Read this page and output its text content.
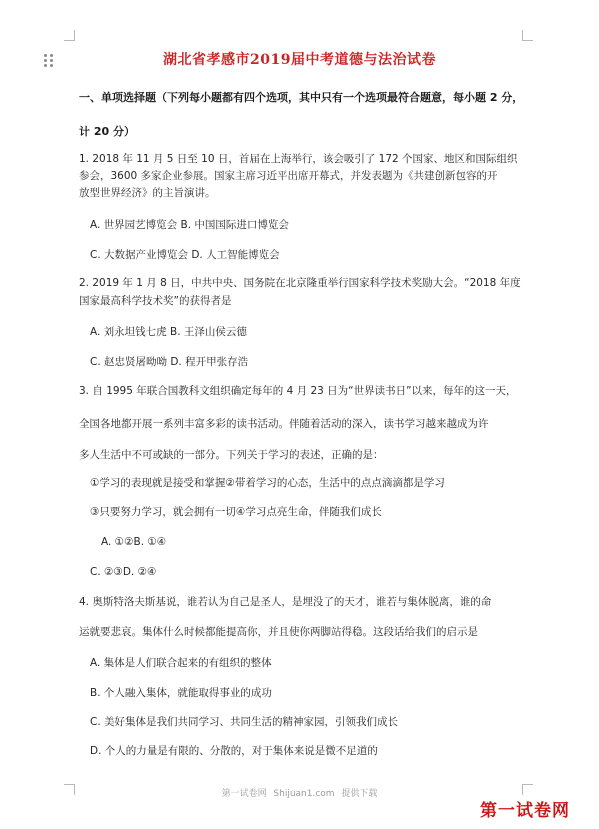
湖北省孝感市2019届中考道德与法治试卷
一、单项选择题（下列每小题都有四个选项，其中只有一个选项最符合题意，每小题 2 分，
计 20 分）
1. 2018 年 11 月 5 日至 10 日，首届在上海举行，该会吸引了 172 个国家、地区和国际组织
参会，3600 多家企业参展。国家主席习近平出席开幕式，并发表题为《共建创新包容的开
放型世界经济》的主旨演讲。
A. 世界园艺博览会 B. 中国国际进口博览会
C. 大数据产业博览会 D. 人工智能博览会
2. 2019 年 1 月 8 日，中共中央、国务院在北京隆重举行国家科学技术奖励大会。“2018 年度
国家最高科学技术奖”的获得者是
A. 刘永坦钱七虎 B. 王泽山侯云德
C. 赵忠贤屠呦呦 D. 程开甲张存浩
3. 自 1995 年联合国教科文组织确定每年的 4 月 23 日为“世界读书日”以来，每年的这一天，
全国各地都开展一系列丰富多彩的读书活动。伴随着活动的深入，读书学习越来越成为许
多人生活中不可或缺的一部分。下列关于学习的表述，正确的是：
①学习的表现就是接受和掌握②带着学习的心态，生活中的点点滴滴都是学习
③只要努力学习，就会拥有一切④学习点亮生命，伴随我们成长
A. ①②B. ①④
C. ②③D. ②④
4. 奥斯特洛夫斯基说，谁若认为自己是圣人，是埋没了的天才，谁若与集体脱离，谁的命
运就要悲哀。集体什么时候都能提高你，并且使你两脚站得稳。这段话给我们的启示是
A. 集体是人们联合起来的有组织的整体
B. 个人融入集体，就能取得事业的成功
C. 美好集体是我们共同学习、共同生活的精神家园，引领我们成长
D. 个人的力量是有限的、分散的，对于集体来说是微不足道的
第一试卷网 Shijuan1.com 提供下载
第一试卷网
